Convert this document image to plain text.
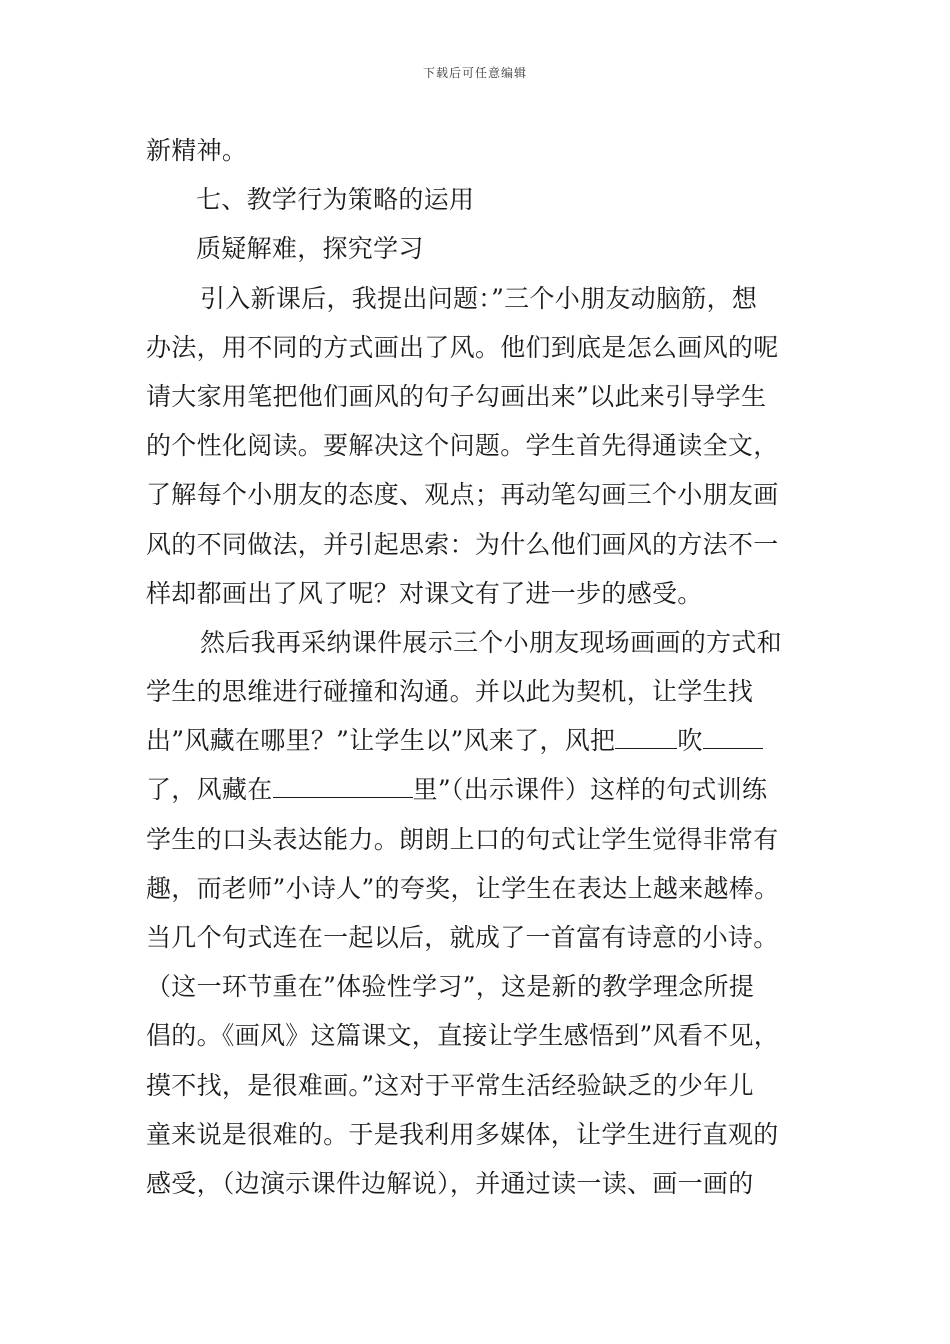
下载后可任意编辑
新精神。
七、教学行为策略的运用
质疑解难，探究学习
引入新课后，我提出问题：”三个小朋友动脑筋，想
办法，用不同的方式画出了风。他们到底是怎么画风的呢
请大家用笔把他们画风的句子勾画出来”以此来引导学生
的个性化阅读。要解决这个问题。学生首先得通读全文，
了解每个小朋友的态度、观点；再动笔勾画三个小朋友画
风的不同做法，并引起思索：为什么他们画风的方法不一
样却都画出了风了呢？对课文有了进一步的感受。
然后我再采纳课件展示三个小朋友现场画画的方式和
学生的思维进行碰撞和沟通。并以此为契机，让学生找
出”风藏在哪里？”让学生以”风来了，风把 吹
了，风藏在	里”（出示课件）这样的句式训练
学生的口头表达能力。朗朗上口的句式让学生觉得非常有
趣，而老师”小诗人”的夸奖，让学生在表达上越来越棒。
当几个句式连在一起以后，就成了一首富有诗意的小诗。
（这一环节重在”体验性学习”，这是新的教学理念所提
倡的。《画风》这篇课文，直接让学生感悟到”风看不见，
摸不找，是很难画。”这对于平常生活经验缺乏的少年儿
童来说是很难的。于是我利用多媒体，让学生进行直观的
感受，（边演示课件边解说），并通过读一读、画一画的
